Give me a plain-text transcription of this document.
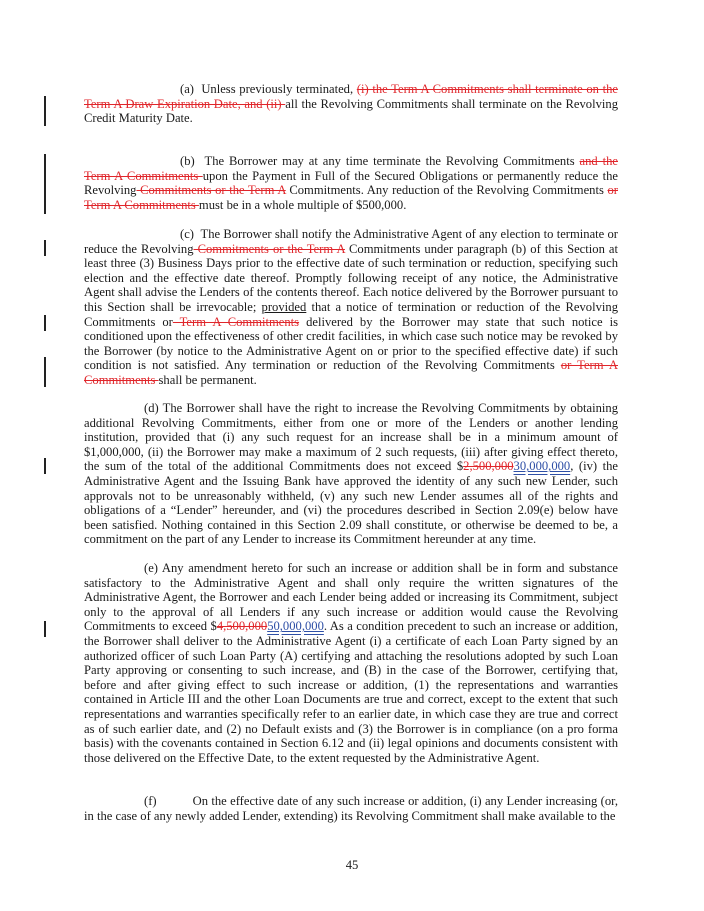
(a) Unless previously terminated, (i) the Term A Commitments shall terminate on the Term A Draw Expiration Date, and (ii) all the Revolving Commitments shall terminate on the Revolving Credit Maturity Date.

(b) The Borrower may at any time terminate the Revolving Commitments and the Term A Commitments upon the Payment in Full of the Secured Obligations or permanently reduce the Revolving Commitments or the Term A Commitments. Any reduction of the Revolving Commitments or Term A Commitments must be in a whole multiple of $500,000.

(c) The Borrower shall notify the Administrative Agent of any election to terminate or reduce the Revolving Commitments or the Term A Commitments under paragraph (b) of this Section at least three (3) Business Days prior to the effective date of such termination or reduction, specifying such election and the effective date thereof. Promptly following receipt of any notice, the Administrative Agent shall advise the Lenders of the contents thereof. Each notice delivered by the Borrower pursuant to this Section shall be irrevocable; provided that a notice of termination or reduction of the Revolving Commitments or Term A Commitments delivered by the Borrower may state that such notice is conditioned upon the effectiveness of other credit facilities, in which case such notice may be revoked by the Borrower (by notice to the Administrative Agent on or prior to the specified effective date) if such condition is not satisfied. Any termination or reduction of the Revolving Commitments or Term A Commitments shall be permanent.

(d) The Borrower shall have the right to increase the Revolving Commitments by obtaining additional Revolving Commitments, either from one or more of the Lenders or another lending institution, provided that (i) any such request for an increase shall be in a minimum amount of $1,000,000, (ii) the Borrower may make a maximum of 2 such requests, (iii) after giving effect thereto, the sum of the total of the additional Commitments does not exceed $2,500,00030,000,000, (iv) the Administrative Agent and the Issuing Bank have approved the identity of any such new Lender, such approvals not to be unreasonably withheld, (v) any such new Lender assumes all of the rights and obligations of a “Lender” hereunder, and (vi) the procedures described in Section 2.09(e) below have been satisfied. Nothing contained in this Section 2.09 shall constitute, or otherwise be deemed to be, a commitment on the part of any Lender to increase its Commitment hereunder at any time.

(e) Any amendment hereto for such an increase or addition shall be in form and substance satisfactory to the Administrative Agent and shall only require the written signatures of the Administrative Agent, the Borrower and each Lender being added or increasing its Commitment, subject only to the approval of all Lenders if any such increase or addition would cause the Revolving Commitments to exceed $4,500,00050,000,000. As a condition precedent to such an increase or addition, the Borrower shall deliver to the Administrative Agent (i) a certificate of each Loan Party signed by an authorized officer of such Loan Party (A) certifying and attaching the resolutions adopted by such Loan Party approving or consenting to such increase, and (B) in the case of the Borrower, certifying that, before and after giving effect to such increase or addition, (1) the representations and warranties contained in Article III and the other Loan Documents are true and correct, except to the extent that such representations and warranties specifically refer to an earlier date, in which case they are true and correct as of such earlier date, and (2) no Default exists and (3) the Borrower is in compliance (on a pro forma basis) with the covenants contained in Section 6.12 and (ii) legal opinions and documents consistent with those delivered on the Effective Date, to the extent requested by the Administrative Agent.

(f)	On the effective date of any such increase or addition, (i) any Lender increasing (or, in the case of any newly added Lender, extending) its Revolving Commitment shall make available to the

45
